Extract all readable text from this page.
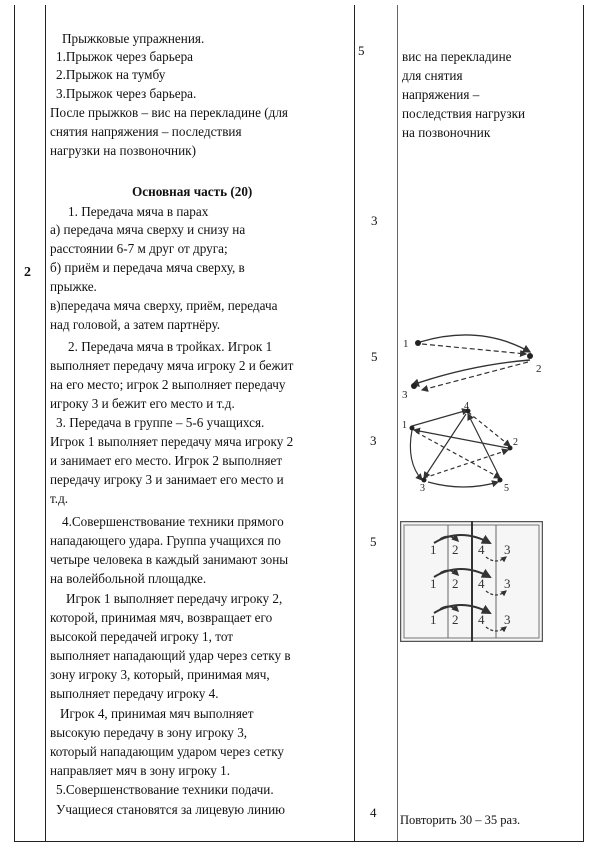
2
Прыжковые упражнения.
1.Прыжок через барьера
2.Прыжок на тумбу
3.Прыжок через барьера.
После прыжков – вис на перекладине (для
снятия напряжения – последствия
нагрузки на позвоночник)
5	вис на перекладине
для снятия
напряжения –
последствия нагрузки
на позвоночник
Основная часть (20)
1. Передача мяча в парах
а) передача мяча сверху и снизу на
расстоянии 6-7 м друг от друга;
б) приём и передача мяча сверху, в
прыжке.
в)передача мяча сверху, приём, передача
над головой, а затем партнёру.
3
2. Передача мяча в тройках. Игрок 1
выполняет передачу мяча игроку 2 и бежит
на его место; игрок 2 выполняет передачу
игроку 3 и бежит его место и т.д.
5
3. Передача в группе – 5-6 учащихся.
Игрок 1 выполняет передачу мяча игроку 2
и занимает его место. Игрок 2 выполняет
передачу игроку 3 и занимает его место и
т.д.
3
4.Совершенствование техники прямого
нападающего удара. Группа учащихся по
четыре человека в каждый занимают зоны
на волейбольной площадке.
Игрок 1 выполняет передачу игроку 2,
которой, принимая мяч, возвращает его
высокой передачей игроку 1, тот
выполняет нападающий удар через сетку в
зону игроку 3, который, принимая мяч,
выполняет передачу игроку 4.
Игрок 4, принимая мяч выполняет
высокую передачу в зону игроку 3,
который нападающим ударом через сетку
направляет мяч в зону игроку 1.
5
5.Совершенствование техники подачи.
Учащиеся становятся за лицевую линию	4 Повторить 30 – 35 раз.
1
2
3
1
2
3
4
5
1 2 4 3
1 2 4 3
1 2 4 3
